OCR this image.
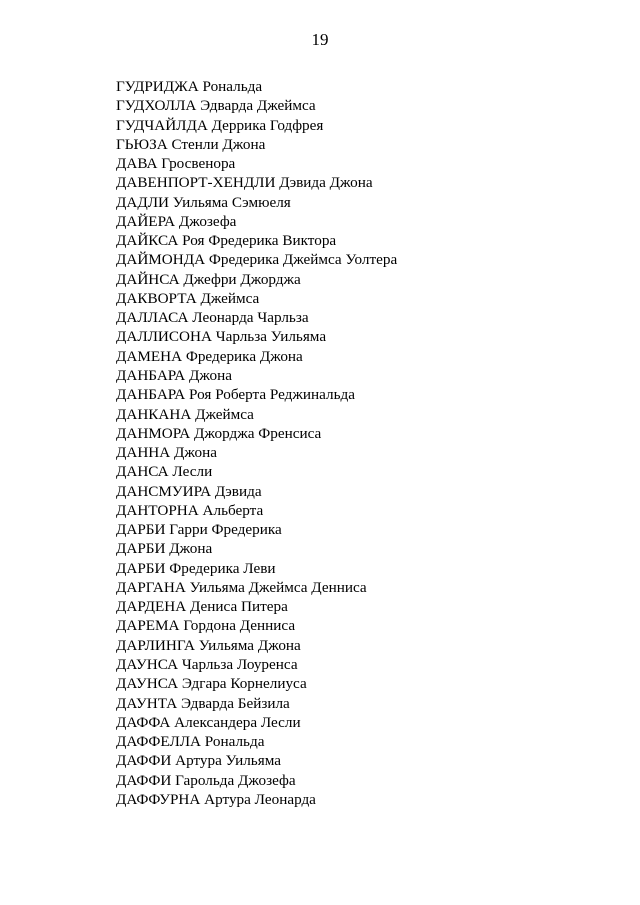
19
ГУДРИДЖА Рональда
ГУДХОЛЛА Эдварда Джеймса
ГУДЧАЙЛДА Деррика Годфрея
ГЬЮЗА Стенли Джона
ДАВА Гросвенора
ДАВЕНПОРТ-ХЕНДЛИ Дэвида Джона
ДАДЛИ Уильяма Сэмюеля
ДАЙЕРА Джозефа
ДАЙКСА Роя Фредерика Виктора
ДАЙМОНДА Фредерика Джеймса Уолтера
ДАЙНСА Джефри Джорджа
ДАКВОРТА Джеймса
ДАЛЛАСА Леонарда Чарльза
ДАЛЛИСОНА Чарльза Уильяма
ДАМЕНА Фредерика Джона
ДАНБАРА Джона
ДАНБАРА Роя Роберта Реджинальда
ДАНКАНА Джеймса
ДАНМОРА Джорджа Френсиса
ДАННА Джона
ДАНСА Лесли
ДАНСМУИРА Дэвида
ДАНТОРНА Альберта
ДАРБИ Гарри Фредерика
ДАРБИ Джона
ДАРБИ Фредерика Леви
ДАРГАНА Уильяма Джеймса Денниса
ДАРДЕНА Дениса Питера
ДАРЕМА Гордона Денниса
ДАРЛИНГА Уильяма Джона
ДАУНСА Чарльза Лоуренса
ДАУНСА Эдгара Корнелиуса
ДАУНТА Эдварда Бейзила
ДАФФА Александера Лесли
ДАФФЕЛЛА Рональда
ДАФФИ Артура Уильяма
ДАФФИ Гарольда Джозефа
ДАФФУРНА Артура Леонарда
